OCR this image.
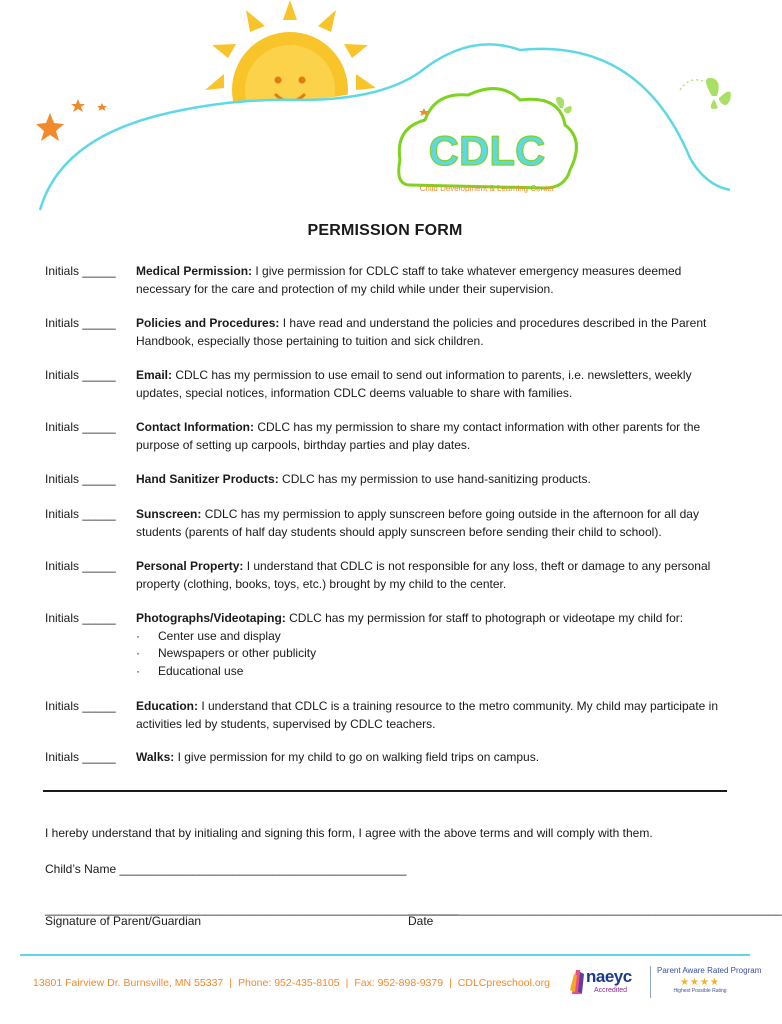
CDLC
Child Development & Learning Center
PERMISSION FORM
Initials _____ Medical Permission: I give permission for CDLC staff to take whatever emergency measures deemed necessary for the care and protection of my child while under their supervision.
Initials _____ Policies and Procedures: I have read and understand the policies and procedures described in the Parent Handbook, especially those pertaining to tuition and sick children.
Initials _____ Email: CDLC has my permission to use email to send out information to parents, i.e. newsletters, weekly updates, special notices, information CDLC deems valuable to share with families.
Initials _____ Contact Information: CDLC has my permission to share my contact information with other parents for the purpose of setting up carpools, birthday parties and play dates.
Initials _____ Hand Sanitizer Products: CDLC has my permission to use hand-sanitizing products.
Initials _____ Sunscreen: CDLC has my permission to apply sunscreen before going outside in the afternoon for all day students (parents of half day students should apply sunscreen before sending their child to school).
Initials _____ Personal Property: I understand that CDLC is not responsible for any loss, theft or damage to any personal property (clothing, books, toys, etc.) brought by my child to the center.
Initials _____ Photographs/Videotaping: CDLC has my permission for staff to photograph or videotape my child for:
· Center use and display
· Newspapers or other publicity
· Educational use
Initials _____ Education: I understand that CDLC is a training resource to the metro community. My child may participate in activities led by students, supervised by CDLC teachers.
Initials _____ Walks: I give permission for my child to go on walking field trips on campus.
I hereby understand that by initialing and signing this form, I agree with the above terms and will comply with them.
Child’s Name ___________________________________________
______________________________________________________________
Signature of Parent/Guardian
________________________________________________________
Date
13801 Fairview Dr. Burnsville, MN 55337 | Phone: 952-435-8105 | Fax: 952-898-9379 | CDLCpreschool.org naeyc
Accredited
Parent Aware Rated Program
★★★★
Highest Possible Rating
